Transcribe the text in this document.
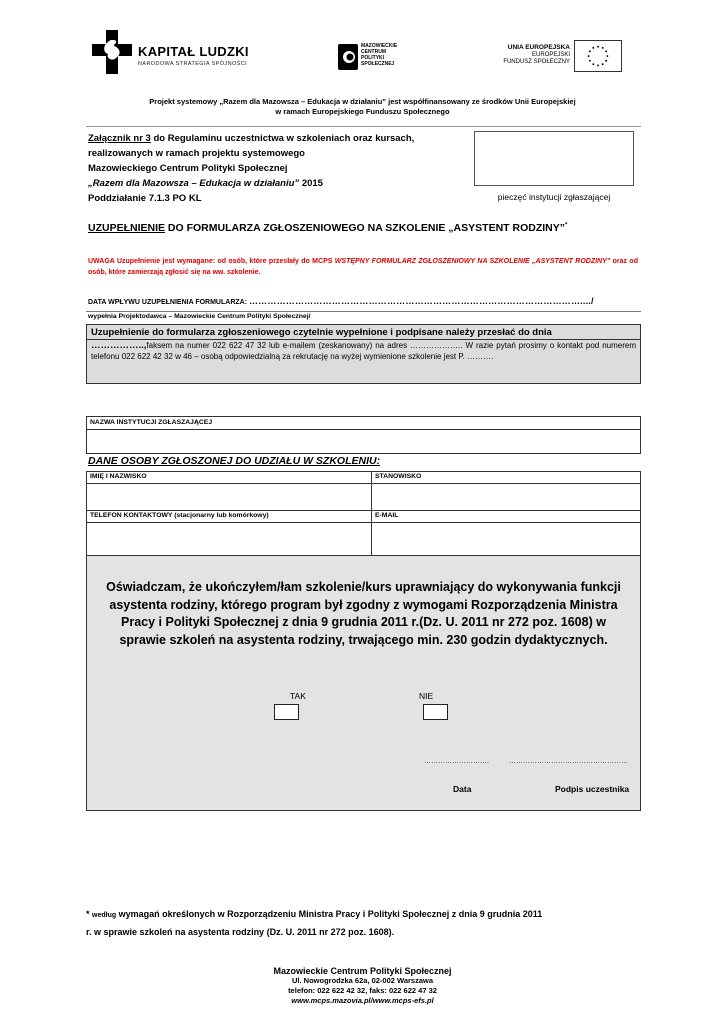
KAPITAŁ LUDZKI
NARODOWA STRATEGIA SPÓJNOŚCI
MAZOWIECKIE
CENTRUM
POLITYKI
SPOŁECZNEJ
UNIA EUROPEJSKA
EUROPEJSKI
FUNDUSZ SPOŁECZNY
Projekt systemowy „Razem dla Mazowsza – Edukacja w działaniu” jest współfinansowany ze środków Unii Europejskiej
w ramach Europejskiego Funduszu Społecznego
Załącznik nr 3 do Regulaminu uczestnictwa w szkoleniach oraz kursach,
realizowanych w ramach projektu systemowego
Mazowieckiego Centrum Polityki Społecznej
„Razem dla Mazowsza – Edukacja w działaniu” 2015
Poddziałanie 7.1.3 PO KL	pieczęć instytucji zgłaszającej
UZUPEŁNIENIE DO FORMULARZA ZGŁOSZENIOWEGO NA SZKOLENIE „ASYSTENT RODZINY”*
UWAGA Uzupełnienie jest wymagane: od osób, które przesłały do MCPS WSTĘPNY FORMULARZ ZGŁOSZENIOWY NA SZKOLENIE „ASYSTENT RODZINY” oraz od osób, które zamierzają zgłosić się na ww. szkolenie.
DATA WPŁYWU UZUPEŁNIENIA FORMULARZA: ………………………………………………………………………………………………..../
wypełnia Projektodawca – Mazowieckie Centrum Polityki Społecznej/
Uzupełnienie do formularza zgłoszeniowego czytelnie wypełnione i podpisane należy przesłać do dnia
……………..,faksem na numer 022 622 47 32 lub e-mailem (zeskanowany) na adres ……………….. W razie pytań prosimy o kontakt pod numerem telefonu 022 622 42 32 w 46 – osobą odpowiedzialną za rekrutację na wyżej wymienione szkolenie jest P. ……….
NAZWA INSTYTUCJI ZGŁASZAJĄCEJ
DANE OSOBY ZGŁOSZONEJ DO UDZIAŁU W SZKOLENIU:
IMIĘ I NAZWISKO	STANOWISKO
TELEFON KONTAKTOWY (stacjonarny lub komórkowy)	E-MAIL
Oświadczam, że ukończyłem/łam szkolenie/kurs uprawniający do wykonywania funkcji
asystenta rodziny, którego program był zgodny z wymogami Rozporządzenia Ministra
Pracy i Polityki Społecznej z dnia 9 grudnia 2011 r.(Dz. U. 2011 nr 272 poz. 1608) w
sprawie szkoleń na asystenta rodziny, trwającego min. 230 godzin dydaktycznych.
TAK	NIE
……………………….	……………………………………………
Data	Podpis uczestnika
* według wymagań określonych w Rozporządzeniu Ministra Pracy i Polityki Społecznej z dnia 9 grudnia 2011
r. w sprawie szkoleń na asystenta rodziny (Dz. U. 2011 nr 272 poz. 1608).
Mazowieckie Centrum Polityki Społecznej
Ul. Nowogrodzka 62a, 02-002 Warszawa
telefon: 022 622 42 32, faks: 022 622 47 32
www.mcps.mazovia.pl/www.mcps-efs.pl
